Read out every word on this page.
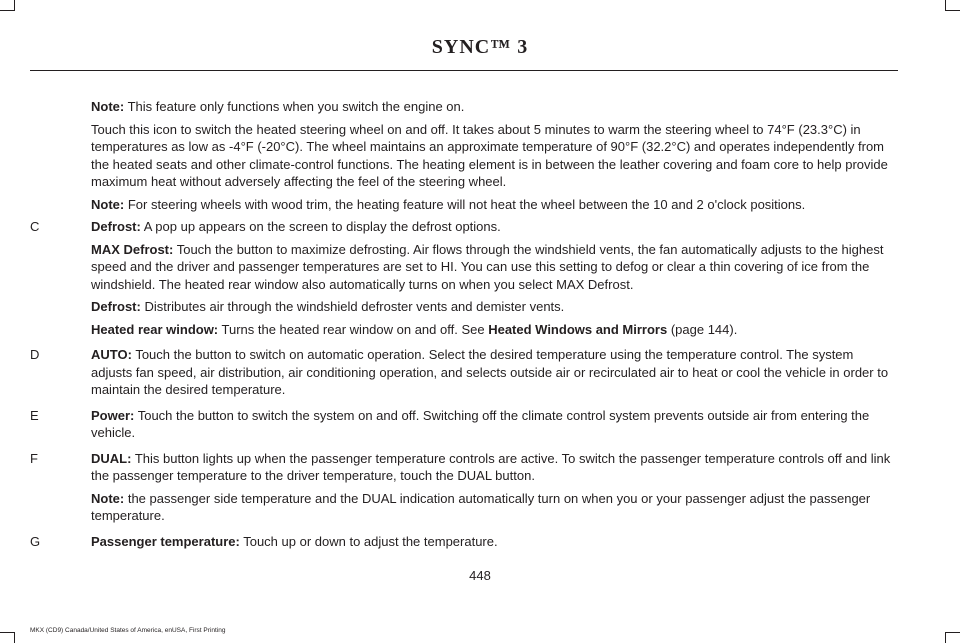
SYNC™ 3

Note: This feature only functions when you switch the engine on.

Touch this icon to switch the heated steering wheel on and off. It takes about 5 minutes to warm the steering wheel to 74°F (23.3°C) in temperatures as low as -4°F (-20°C). The wheel maintains an approximate temperature of 90°F (32.2°C) and operates independently from the heated seats and other climate-control functions. The heating element is in between the leather covering and foam core to help provide maximum heat without adversely affecting the feel of the steering wheel.

Note: For steering wheels with wood trim, the heating feature will not heat the wheel between the 10 and 2 o'clock positions.

C	Defrost: A pop up appears on the screen to display the defrost options.

MAX Defrost: Touch the button to maximize defrosting. Air flows through the windshield vents, the fan automatically adjusts to the highest speed and the driver and passenger temperatures are set to HI. You can use this setting to defog or clear a thin covering of ice from the windshield. The heated rear window also automatically turns on when you select MAX Defrost.

Defrost: Distributes air through the windshield defroster vents and demister vents.

Heated rear window: Turns the heated rear window on and off. See Heated Windows and Mirrors (page 144).

D	AUTO: Touch the button to switch on automatic operation. Select the desired temperature using the temperature control. The system adjusts fan speed, air distribution, air conditioning operation, and selects outside air or recirculated air to heat or cool the vehicle in order to maintain the desired temperature.

E	Power: Touch the button to switch the system on and off. Switching off the climate control system prevents outside air from entering the vehicle.

F	DUAL: This button lights up when the passenger temperature controls are active. To switch the passenger temperature controls off and link the passenger temperature to the driver temperature, touch the DUAL button.

Note: the passenger side temperature and the DUAL indication automatically turn on when you or your passenger adjust the passenger temperature.

G	Passenger temperature: Touch up or down to adjust the temperature.

448
MKX (CD9) Canada/United States of America, enUSA, First Printing
